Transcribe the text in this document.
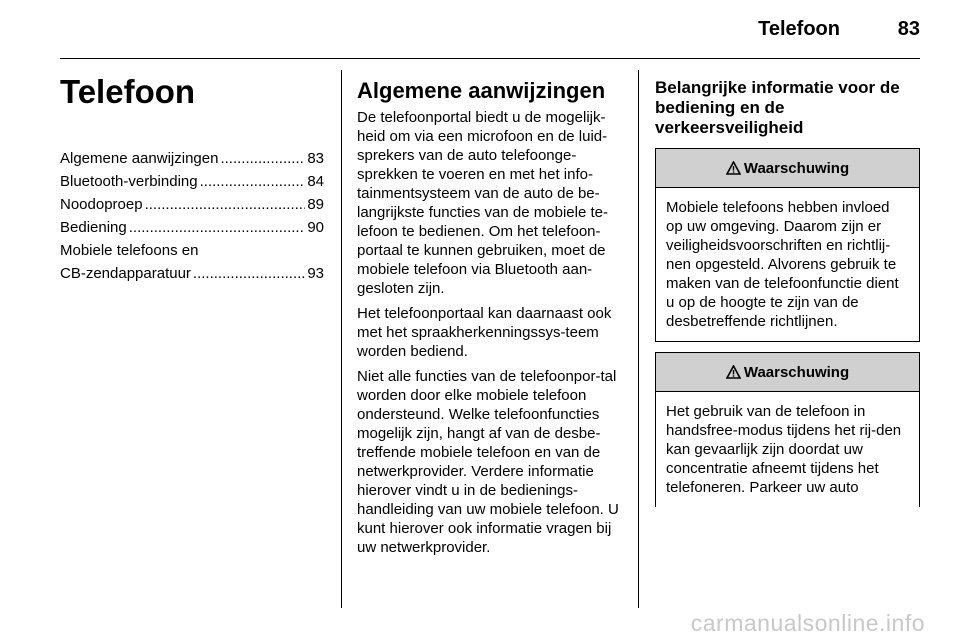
Telefoon	83
Telefoon
Algemene aanwijzingen .....	83
Bluetooth-verbinding .....	84
Noodoproep .....	89
Bediening .....	90
Mobiele telefoons en
CB-zendapparatuur .....	93
Algemene aanwijzingen

De telefoonportal biedt u de mogelijk-heid om via een microfoon en de luid-sprekers van de auto telefoonge-sprekken te voeren en met het info-tainmentsysteem van de auto de be-langrijkste functies van de mobiele te-lefoon te bedienen. Om het telefoon-portaal te kunnen gebruiken, moet de mobiele telefoon via Bluetooth aan-gesloten zijn.

Het telefoonportaal kan daarnaast ook met het spraakherkenningssys-teem worden bediend.

Niet alle functies van de telefoonpor-tal worden door elke mobiele telefoon ondersteund. Welke telefoonfuncties mogelijk zijn, hangt af van de desbe-treffende mobiele telefoon en van de netwerkprovider. Verdere informatie hierover vindt u in de bedienings-handleiding van uw mobiele telefoon. U kunt hierover ook informatie vragen bij uw netwerkprovider.

Belangrijke informatie voor de bediening en de verkeersveiligheid
Waarschuwing
Mobiele telefoons hebben invloed op uw omgeving. Daarom zijn er veiligheidsvoorschriften en richtlij-nen opgesteld. Alvorens gebruik te maken van de telefoonfunctie dient u op de hoogte te zijn van de desbetreffende richtlijnen.
Waarschuwing
Het gebruik van de telefoon in handsfree-modus tijdens het rij-den kan gevaarlijk zijn doordat uw concentratie afneemt tijdens het telefoneren. Parkeer uw auto
carmanualsonline.info
